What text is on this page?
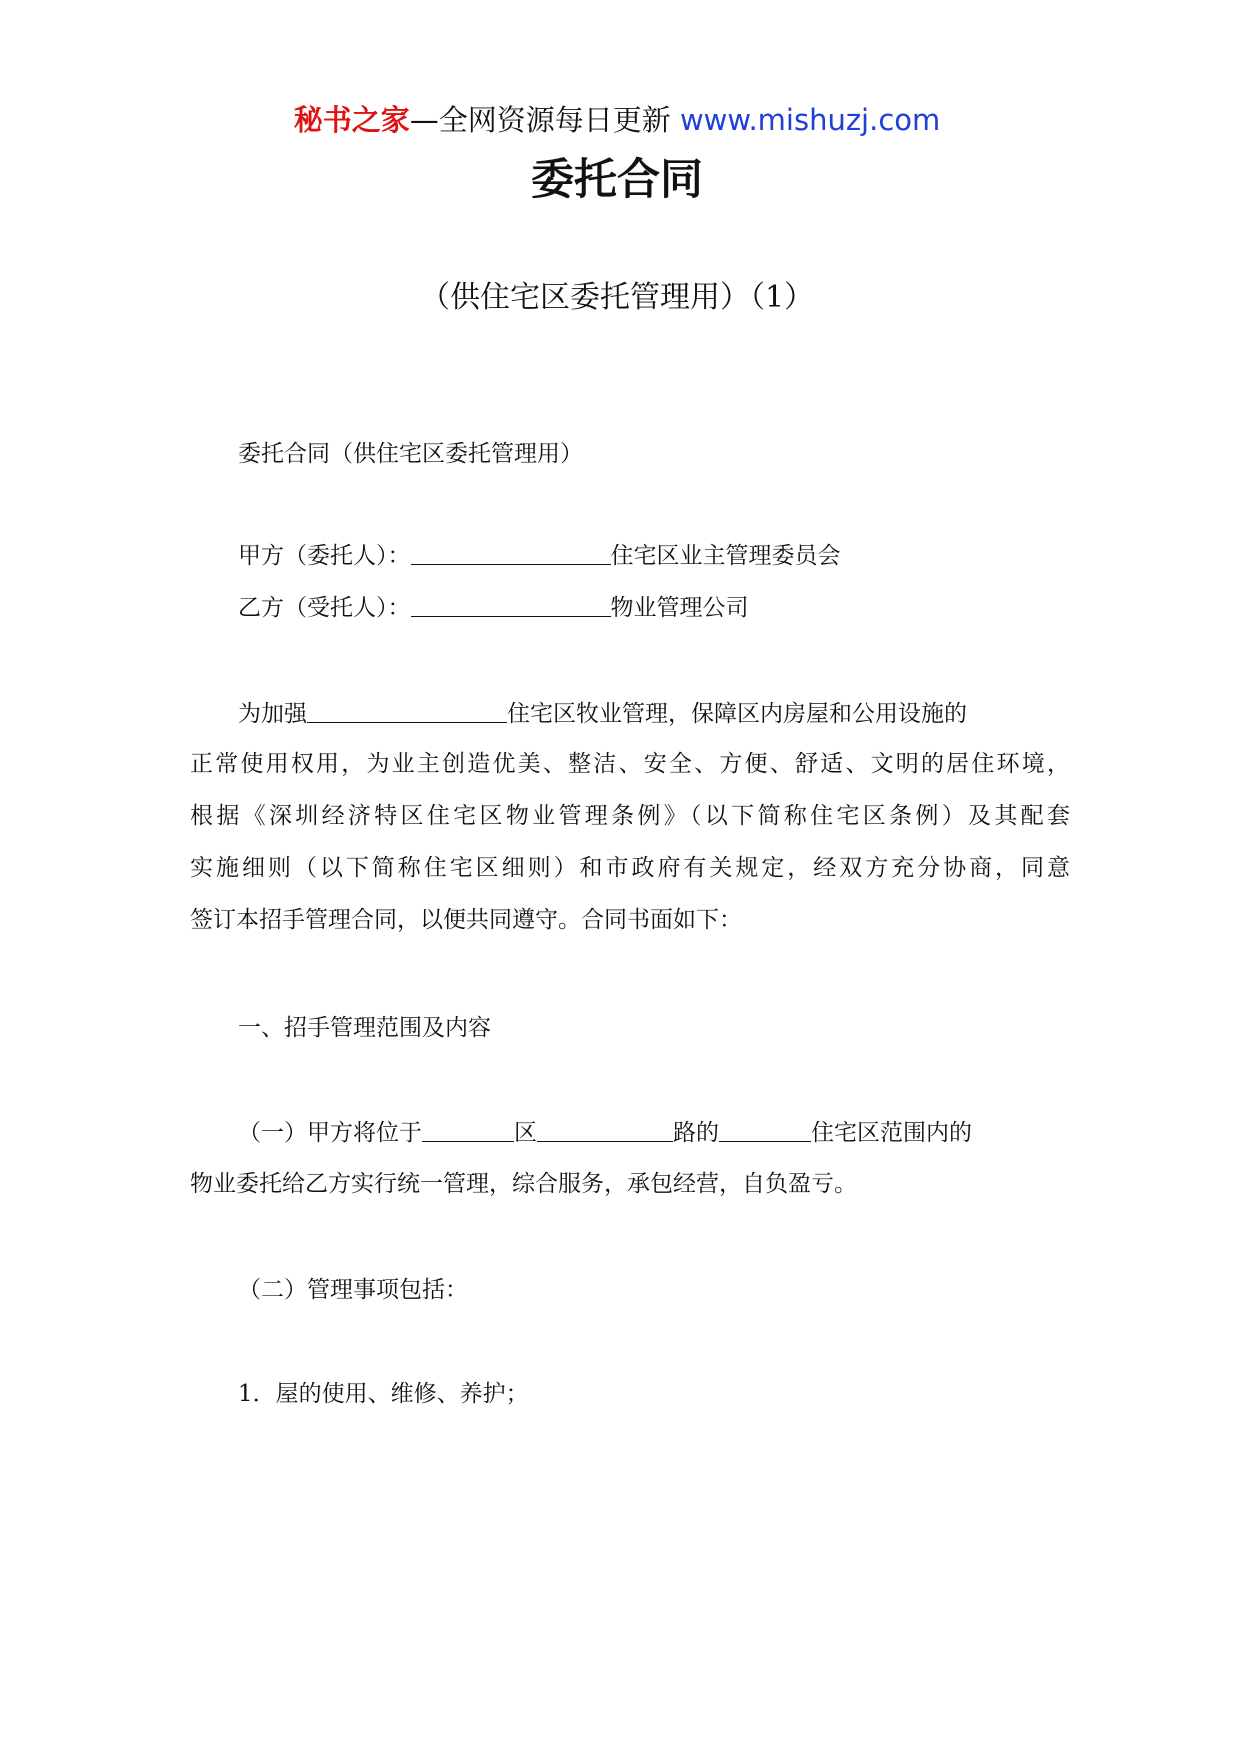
秘书之家—全网资源每日更新 www.mishuzj.com
委托合同
（供住宅区委托管理用）（1）
委托合同（供住宅区委托管理用）
甲方（委托人）：	住宅区业主管理委员会
乙方（受托人）：	物业管理公司
为加强	住宅区牧业管理，保障区内房屋和公用设施的
正常使用权用，为业主创造优美、整洁、安全、方便、舒适、文明的居住环境，
根据《深圳经济特区住宅区物业管理条例》（以下简称住宅区条例）及其配套
实施细则（以下简称住宅区细则）和市政府有关规定，经双方充分协商，同意
签订本招手管理合同，以便共同遵守。合同书面如下：
一、招手管理范围及内容
（一）甲方将位于	区	路的	住宅区范围内的
物业委托给乙方实行统一管理，综合服务，承包经营，自负盈亏。
（二）管理事项包括：
1．屋的使用、维修、养护；
